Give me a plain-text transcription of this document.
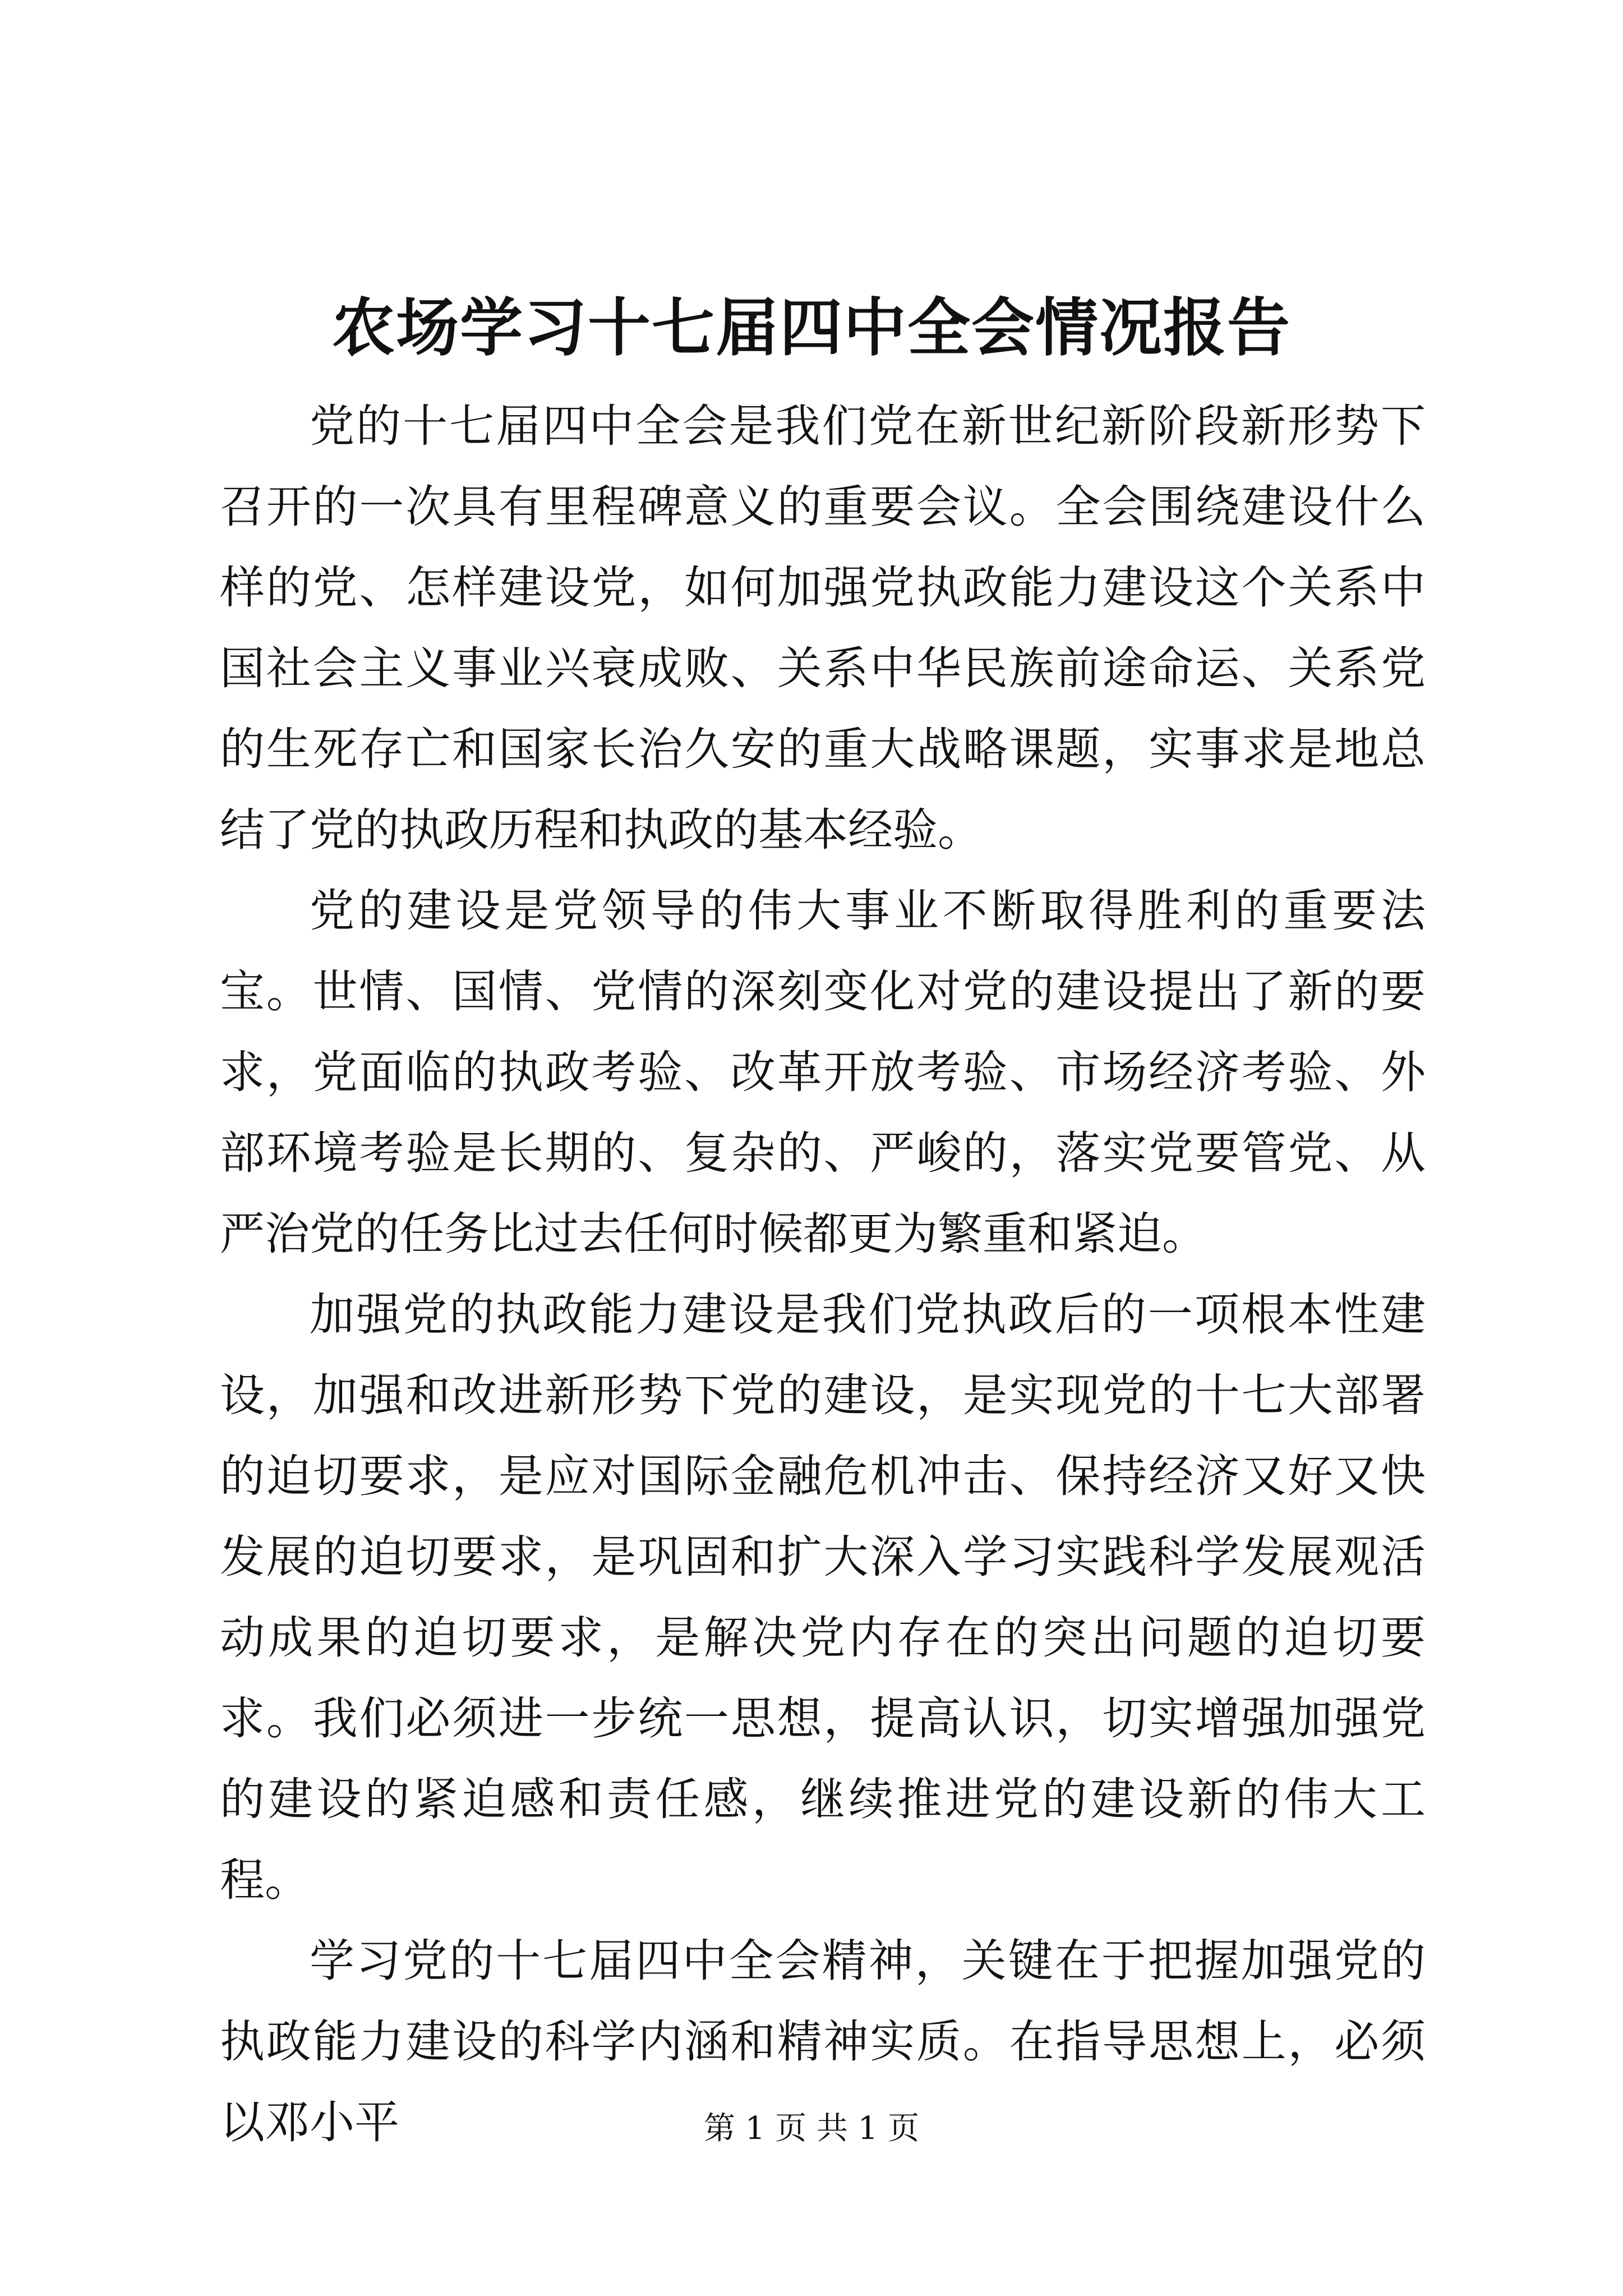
农场学习十七届四中全会情况报告

党的十七届四中全会是我们党在新世纪新阶段新形势下召开的一次具有里程碑意义的重要会议。全会围绕建设什么样的党、怎样建设党，如何加强党执政能力建设这个关系中国社会主义事业兴衰成败、关系中华民族前途命运、关系党的生死存亡和国家长治久安的重大战略课题，实事求是地总结了党的执政历程和执政的基本经验。

党的建设是党领导的伟大事业不断取得胜利的重要法宝。世情、国情、党情的深刻变化对党的建设提出了新的要求，党面临的执政考验、改革开放考验、市场经济考验、外部环境考验是长期的、复杂的、严峻的，落实党要管党、从严治党的任务比过去任何时候都更为繁重和紧迫。

加强党的执政能力建设是我们党执政后的一项根本性建设，加强和改进新形势下党的建设，是实现党的十七大部署的迫切要求，是应对国际金融危机冲击、保持经济又好又快发展的迫切要求，是巩固和扩大深入学习实践科学发展观活动成果的迫切要求，是解决党内存在的突出问题的迫切要求。我们必须进一步统一思想，提高认识，切实增强加强党的建设的紧迫感和责任感，继续推进党的建设新的伟大工程。

学习党的十七届四中全会精神，关键在于把握加强党的执政能力建设的科学内涵和精神实质。在指导思想上，必须以邓小平	第 1 页 共 1 页
